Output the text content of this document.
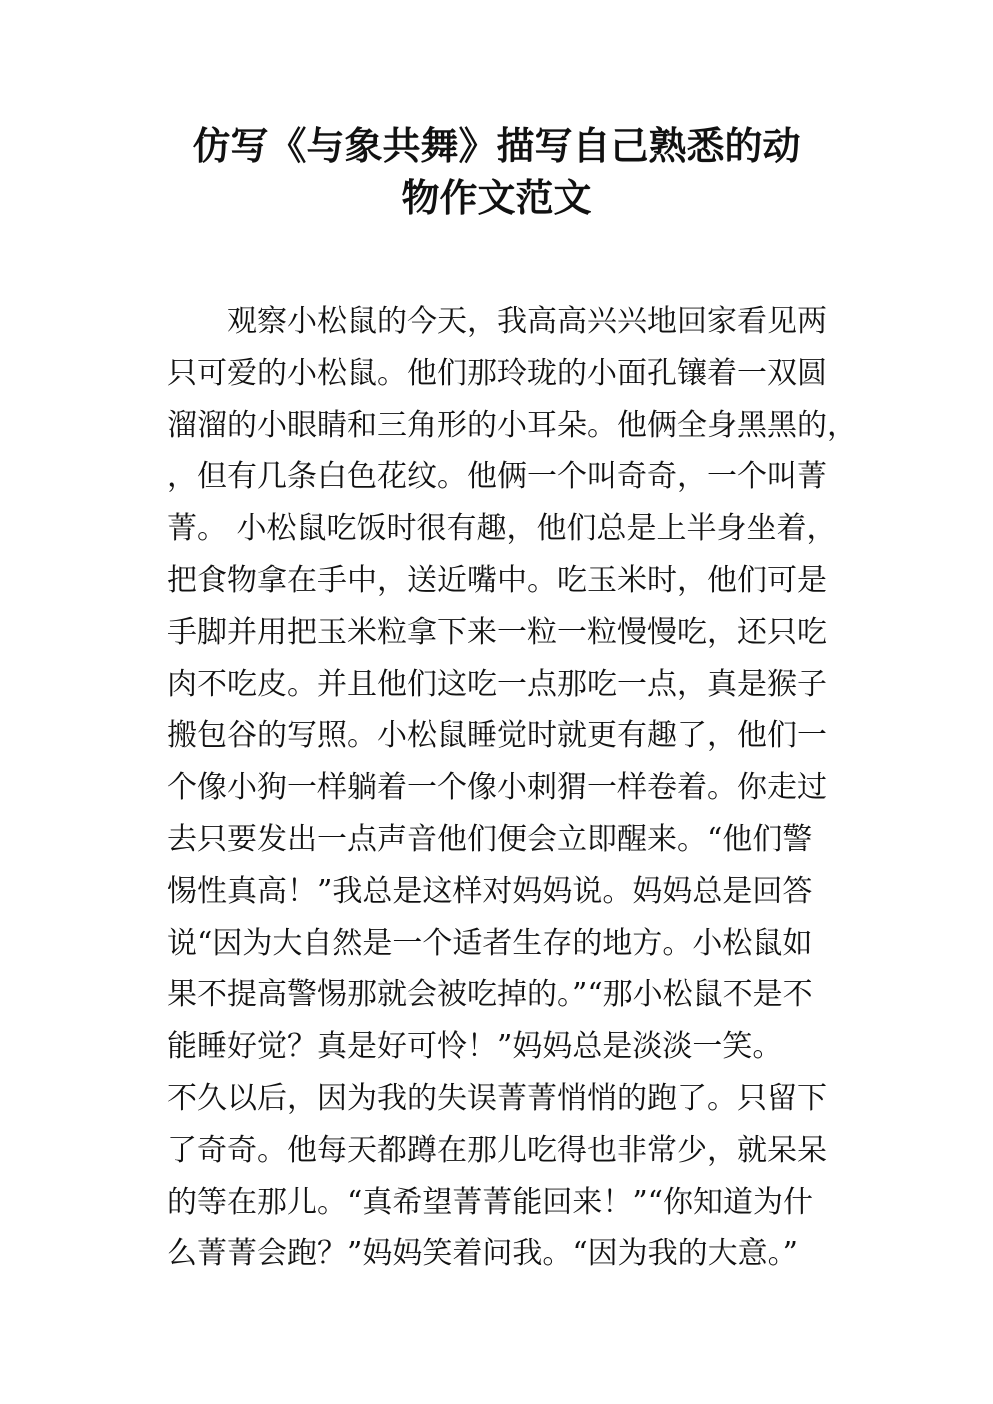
仿写《与象共舞》描写自己熟悉的动
物作文范文
观察小松鼠的今天，我高高兴兴地回家看见两
只可爱的小松鼠。他们那玲珑的小面孔镶着一双圆
溜溜的小眼睛和三角形的小耳朵。他俩全身黑黑的，
，但有几条白色花纹。他俩一个叫奇奇，一个叫菁
菁。 小松鼠吃饭时很有趣，他们总是上半身坐着，
把食物拿在手中，送近嘴中。吃玉米时，他们可是
手脚并用把玉米粒拿下来一粒一粒慢慢吃，还只吃
肉不吃皮。并且他们这吃一点那吃一点，真是猴子
搬包谷的写照。小松鼠睡觉时就更有趣了，他们一
个像小狗一样躺着一个像小刺猬一样卷着。你走过
去只要发出一点声音他们便会立即醒来。“他们警
惕性真高！”我总是这样对妈妈说。妈妈总是回答
说“因为大自然是一个适者生存的地方。小松鼠如
果不提高警惕那就会被吃掉的。”“那小松鼠不是不
能睡好觉？真是好可怜！”妈妈总是淡淡一笑。
不久以后，因为我的失误菁菁悄悄的跑了。只留下
了奇奇。他每天都蹲在那儿吃得也非常少，就呆呆
的等在那儿。“真希望菁菁能回来！”“你知道为什
么菁菁会跑？”妈妈笑着问我。“因为我的大意。”
